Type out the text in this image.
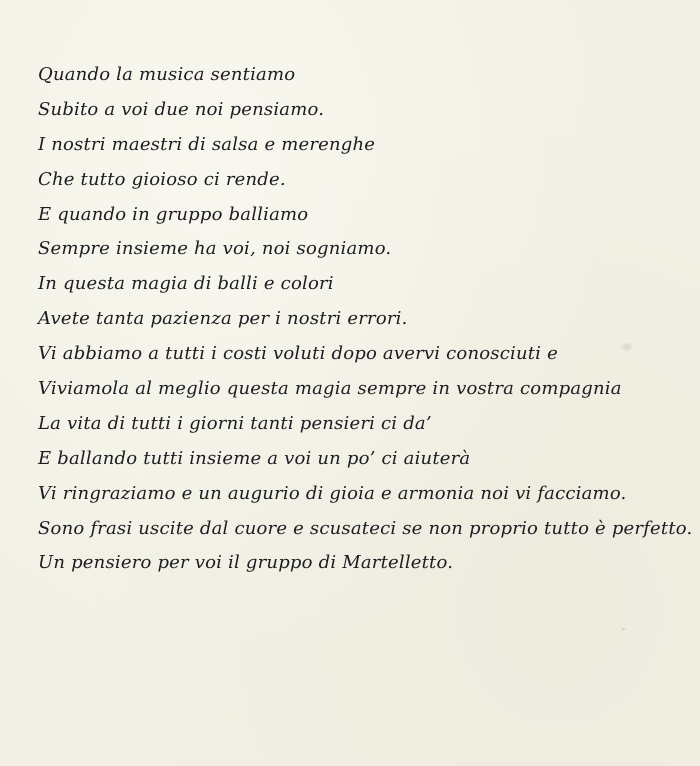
Quando la musica sentiamo
Subito a voi due noi pensiamo.
I nostri maestri di salsa e merenghe
Che tutto gioioso ci rende.
E quando in gruppo balliamo
Sempre insieme ha voi, noi sogniamo.
In questa magia di balli e colori
Avete tanta pazienza per i nostri errori.
Vi abbiamo a tutti i costi voluti dopo avervi conosciuti e
Viviamola al meglio questa magia sempre in vostra compagnia
La vita di tutti i giorni tanti pensieri ci da’
E ballando tutti insieme a voi un po’ ci aiuterà
Vi ringraziamo e un augurio di gioia e armonia noi vi facciamo.
Sono frasi uscite dal cuore e scusateci se non proprio tutto è perfetto.
Un pensiero per voi il gruppo di Martelletto.
